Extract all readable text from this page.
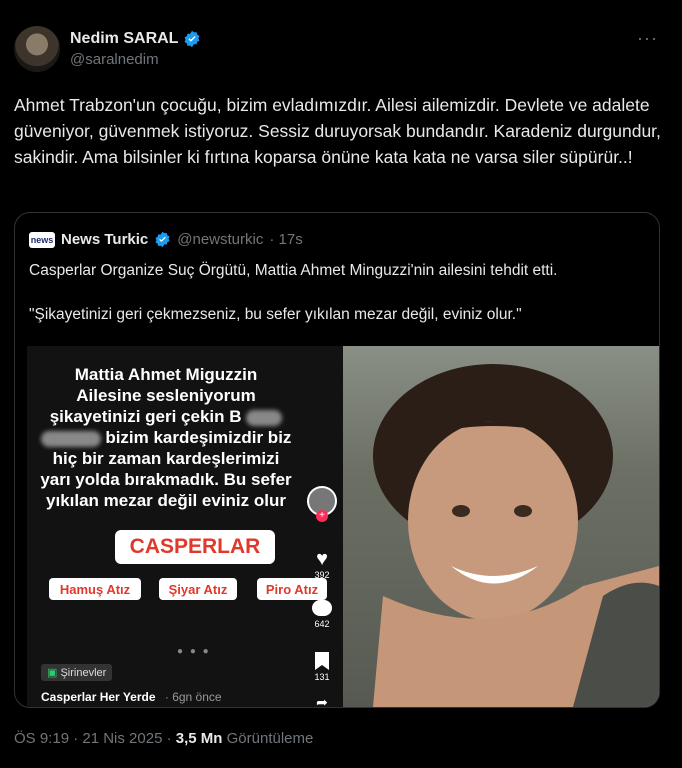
Nedim SARAL
@saralnedim
···

Ahmet Trabzon'un çocuğu, bizim evladımızdır. Ailesi ailemizdir. Devlete ve adalete güveniyor, güvenmek istiyoruz. Sessiz duruyorsak bundandır. Karadeniz durgundur, sakindir. Ama bilsinler ki fırtına koparsa önüne kata kata ne varsa siler süpürür..!

news News Turkic @newsturkic · 17s

Casperlar Organize Suç Örgütü, Mattia Ahmet Minguzzi'nin ailesini tehdit etti.

"Şikayetinizi geri çekmezseniz, bu sefer yıkılan mezar değil, eviniz olur."

Mattia Ahmet Miguzzin
Ailesine sesleniyorum
şikayetinizi geri çekin B
bizim kardeşimizdir biz
hiç bir zaman kardeşlerimizi
yarı yolda bırakmadık. Bu sefer
yıkılan mezar değil eviniz olur
CASPERLAR
Hamuş Atız	Şiyar Atız	Piro Atız
● ● ●
+
♥
392
642
131
➦
▣ Şirinevler
Casperlar Her Yerde · 6gn önce
ÖS 9:19 · 21 Nis 2025 · 3,5 Mn Görüntüleme
